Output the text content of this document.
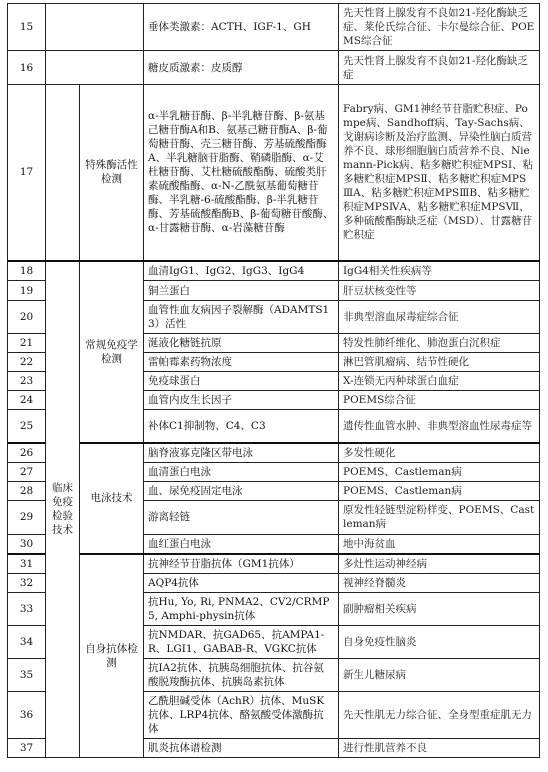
15			垂体类激素：ACTH、IGF-1、GH	先天性肾上腺发育不良如21-羟化酶缺乏症、莱伦氏综合征、卡尔曼综合征、POEMS综合征
16			糖皮质激素：皮质醇	先天性肾上腺发育不良如21-羟化酶缺乏症
17		特殊酶活性检测	α-半乳糖苷酶、β-半乳糖苷酶、β-氨基己糖苷酶A和B、氨基己糖苷酶A、β-葡萄糖苷酶、壳三糖苷酶、芳基硫酸酯酶A、半乳糖脑苷脂酶、鞘磷脂酶、α-艾杜糖苷酶、艾杜糖硫酸酯酶、硫酸类肝素硫酸酯酶、α-N-乙酰氨基葡萄糖苷酶、半乳糖-6-硫酸酯酶、β-半乳糖苷酶、芳基硫酸酯酶B、β-葡萄糖苷酸酶、α-甘露糖苷酶、α-岩藻糖苷酶	Fabry病、GM1神经节苷脂贮积症、Pompe病、Sandhoff病、Tay-Sachs病、戈谢病诊断及治疗监测、异染性脑白质营养不良、球形细胞脑白质营养不良、Niemann-Pick病、粘多糖贮积症MPSⅠ、粘多糖贮积症MPSⅡ、粘多糖贮积症MPSⅢA、粘多糖贮积症MPSⅢB、粘多糖贮积症MPSⅣA、粘多糖贮积症MPSⅦ、多种硫酸酯酶缺乏症（MSD）、甘露糖苷贮积症
18	临床免疫检验技术	常规免疫学检测	血清IgG1、IgG2、IgG3、IgG4	IgG4相关性疾病等
19			铜兰蛋白	肝豆状核变性等
20			血管性血友病因子裂解酶（ADAMTS13）活性	非典型溶血尿毒症综合征
21			涎液化糖链抗原	特发性肺纤维化、肺泡蛋白沉积症
22			雷帕霉素药物浓度	淋巴管肌瘤病、结节性硬化
23			免疫球蛋白	X-连锁无丙种球蛋白血症
24			血管内皮生长因子	POEMS综合征
25			补体C1抑制物、C4、C3	遗传性血管水肿、非典型溶血性尿毒症等
26		电泳技术	脑脊液寡克隆区带电泳	多发性硬化
27			血清蛋白电泳	POEMS、Castleman病
28			血、尿免疫固定电泳	POEMS、Castleman病
29			游离轻链	原发性轻链型淀粉样变、POEMS、Castleman病
30			血红蛋白电泳	地中海贫血
31		自身抗体检测	抗神经节苷脂抗体（GM1抗体）	多灶性运动神经病
32			AQP4抗体	视神经脊髓炎
33			抗Hu, Yo, Ri, PNMA2、CV2/CRMP5, Amphi-physin抗体	副肿瘤相关疾病
34			抗NMDAR、抗GAD65、抗AMPA1-R、LGI1、GABAB-R、VGKC抗体	自身免疫性脑炎
35			抗IA2抗体、抗胰岛细胞抗体、抗谷氨酸脱羧酶抗体、抗胰岛素抗体	新生儿糖尿病
36			乙酰胆碱受体（AchR）抗体、MuSK抗体、LRP4抗体、酪氨酸受体激酶抗体	先天性肌无力综合征、全身型重症肌无力
37			肌炎抗体谱检测	进行性肌营养不良
